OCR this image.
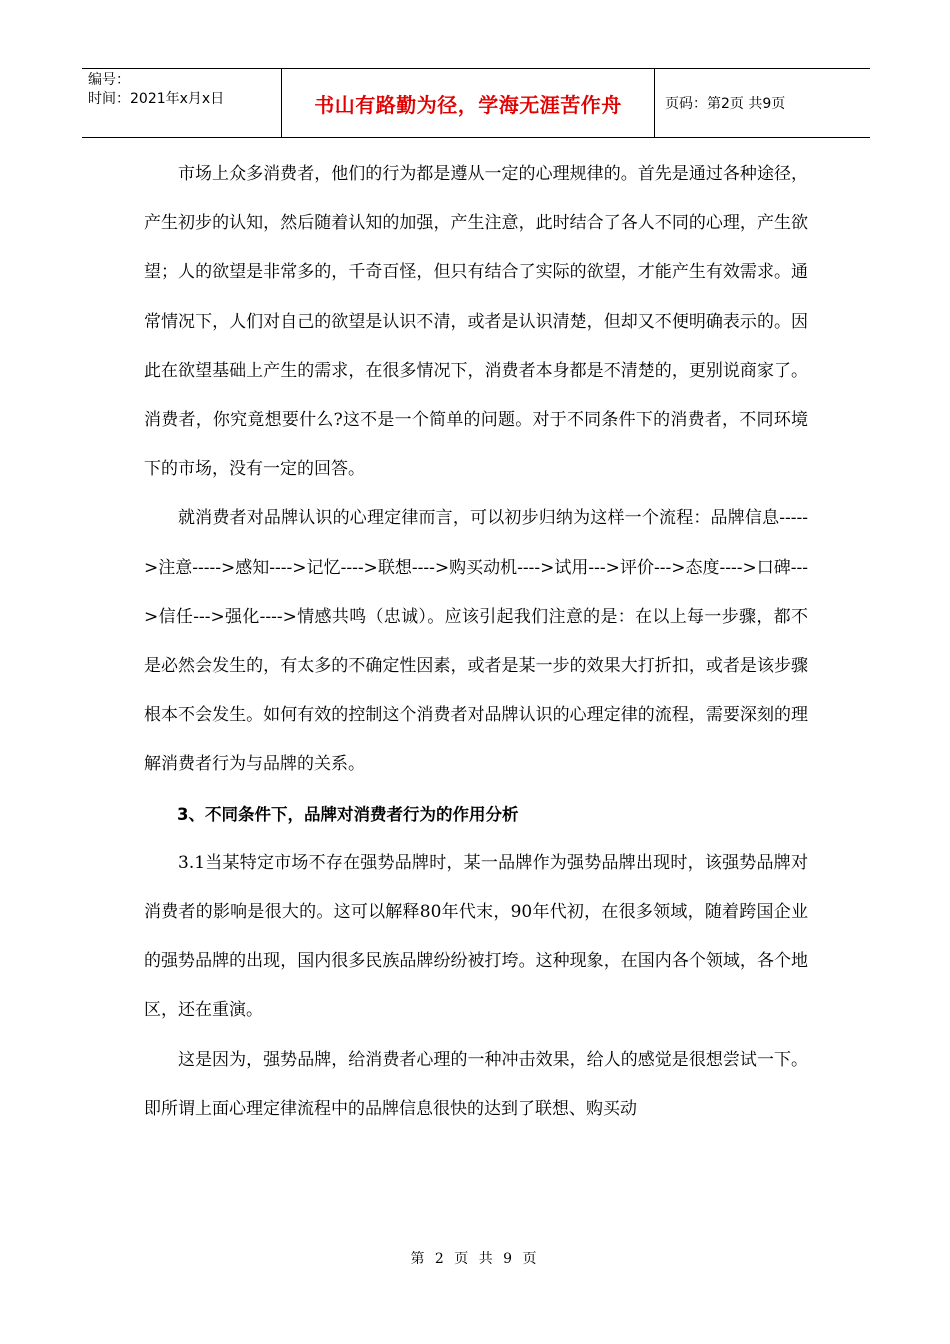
编号：
时间：2021年x月x日	书山有路勤为径，学海无涯苦作舟	页码：第2页 共9页

市场上众多消费者，他们的行为都是遵从一定的心理规律的。首先是通过各种途径，产生初步的认知，然后随着认知的加强，产生注意，此时结合了各人不同的心理，产生欲望；人的欲望是非常多的，千奇百怪，但只有结合了实际的欲望，才能产生有效需求。通常情况下，人们对自己的欲望是认识不清，或者是认识清楚，但却又不便明确表示的。因此在欲望基础上产生的需求，在很多情况下，消费者本身都是不清楚的，更别说商家了。消费者，你究竟想要什么?这不是一个简单的问题。对于不同条件下的消费者，不同环境下的市场，没有一定的回答。

就消费者对品牌认识的心理定律而言，可以初步归纳为这样一个流程：品牌信息----->注意----->感知---->记忆---->联想---->购买动机---->试用--->评价--->态度---->口碑--->信任--->强化---->情感共鸣（忠诚）。应该引起我们注意的是：在以上每一步骤，都不是必然会发生的，有太多的不确定性因素，或者是某一步的效果大打折扣，或者是该步骤根本不会发生。如何有效的控制这个消费者对品牌认识的心理定律的流程，需要深刻的理解消费者行为与品牌的关系。

3、不同条件下，品牌对消费者行为的作用分析

3.1当某特定市场不存在强势品牌时，某一品牌作为强势品牌出现时，该强势品牌对消费者的影响是很大的。这可以解释80年代末，90年代初，在很多领域，随着跨国企业的强势品牌的出现，国内很多民族品牌纷纷被打垮。这种现象，在国内各个领域，各个地区，还在重演。

这是因为，强势品牌，给消费者心理的一种冲击效果，给人的感觉是很想尝试一下。即所谓上面心理定律流程中的品牌信息很快的达到了联想、购买动

第 2 页 共 9 页
